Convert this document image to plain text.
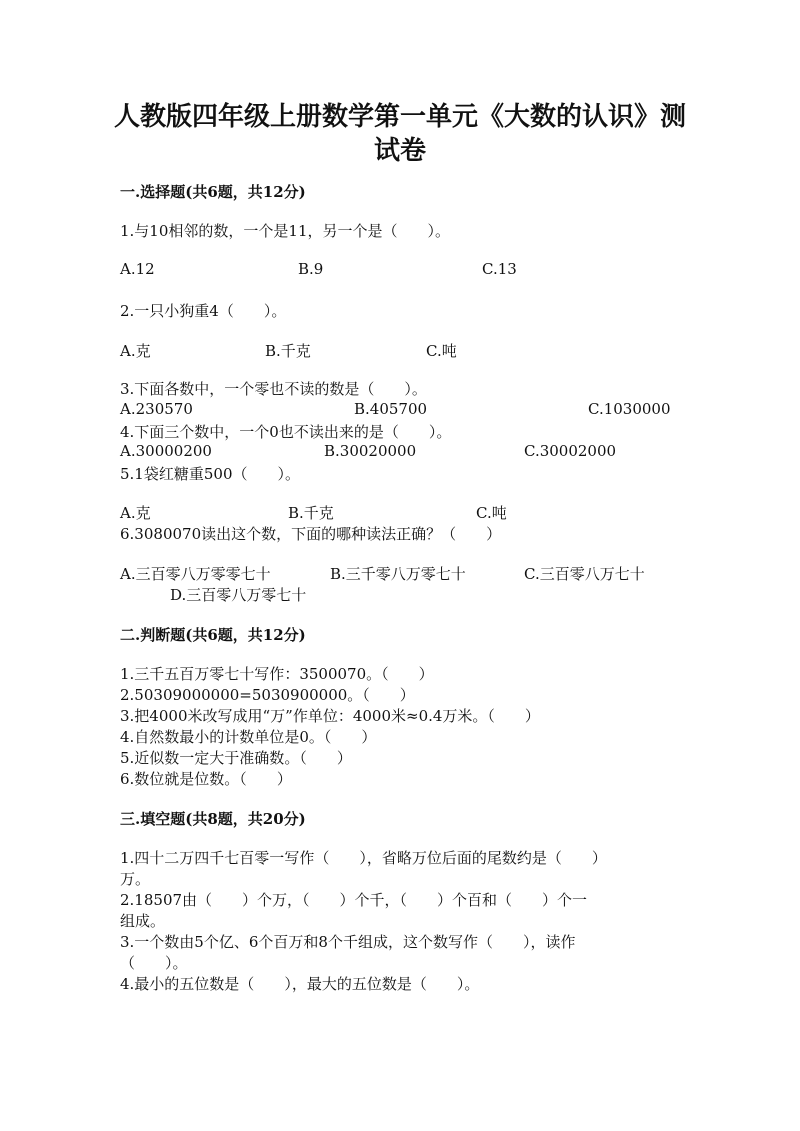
人教版四年级上册数学第一单元《大数的认识》测
试卷
一.选择题(共6题，共12分)
1.与10相邻的数，一个是11，另一个是（　　）。
A.12	B.9	C.13
2.一只小狗重4（　　）。
A.克	B.千克	C.吨
3.下面各数中，一个零也不读的数是（　　）。
A.230570	B.405700	C.1030000
4.下面三个数中，一个0也不读出来的是（　　）。
A.30000200	B.30020000	C.30002000
5.1袋红糖重500（　　）。
A.克	B.千克	C.吨
6.3080070读出这个数，下面的哪种读法正确？（　　）
A.三百零八万零零七十	B.三千零八万零七十	C.三百零八万七十
D.三百零八万零七十
二.判断题(共6题，共12分)
1.三千五百万零七十写作：3500070。（　　）
2.50309000000=5030900000。（　　）
3.把4000米改写成用“万”作单位：4000米≈0.4万米。（　　）
4.自然数最小的计数单位是0。（　　）
5.近似数一定大于准确数。（　　）
6.数位就是位数。（　　）
三.填空题(共8题，共20分)
1.四十二万四千七百零一写作（　　），省略万位后面的尾数约是（　　）
万。
2.18507由（　　）个万，（　　）个千，（　　）个百和（　　）个一
组成。
3.一个数由5个亿、6个百万和8个千组成，这个数写作（　　），读作
（　　）。
4.最小的五位数是（　　），最大的五位数是（　　）。
